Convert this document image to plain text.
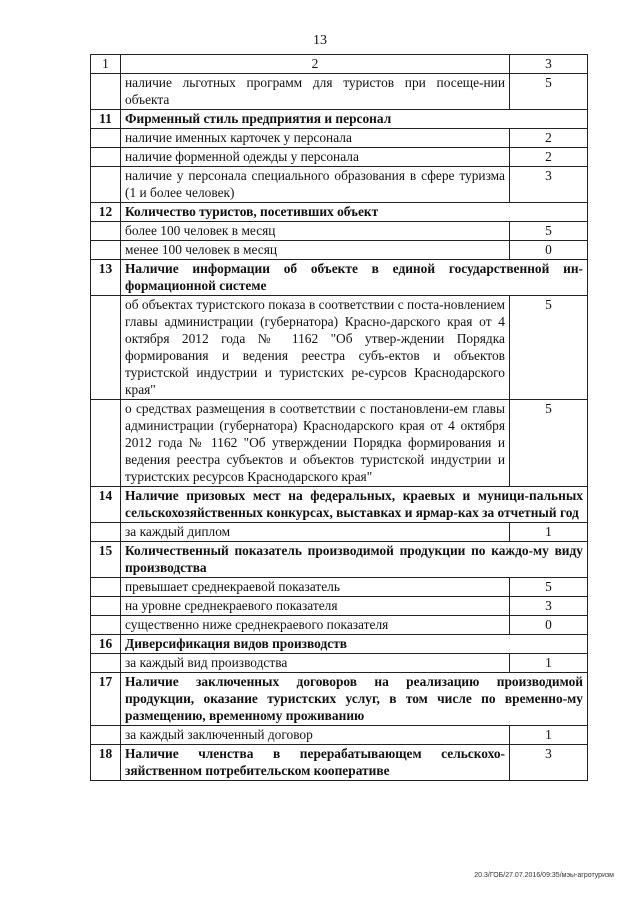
13
1	2	3
	наличие льготных программ для туристов при посеще-нии объекта	5
11	Фирменный стиль предприятия и персонал	
	наличие именных карточек у персонала	2
	наличие форменной одежды у персонала	2
	наличие у персонала специального образования в сфере туризма (1 и более человек)	3
12	Количество туристов, посетивших объект	
	более 100 человек в месяц	5
	менее 100 человек в месяц	0
13	Наличие информации об объекте в единой государственной ин-формационной системе	
	об объектах туристского показа в соответствии с поста-новлением главы администрации (губернатора) Красно-дарского края от 4 октября 2012 года № 1162 "Об утвер-ждении Порядка формирования и ведения реестра субъ-ектов и объектов туристской индустрии и туристских ре-сурсов Краснодарского края"	5
	о средствах размещения в соответствии с постановлени-ем главы администрации (губернатора) Краснодарского края от 4 октября 2012 года № 1162 "Об утверждении Порядка формирования и ведения реестра субъектов и объектов туристской индустрии и туристских ресурсов Краснодарского края"	5
14	Наличие призовых мест на федеральных, краевых и муници-пальных сельскохозяйственных конкурсах, выставках и ярмар-ках за отчетный год	
	за каждый диплом	1
15	Количественный показатель производимой продукции по каждо-му виду производства	
	превышает среднекраевой показатель	5
	на уровне среднекраевого показателя	3
	существенно ниже среднекраевого показателя	0
16	Диверсификация видов производств	
	за каждый вид производства	1
17	Наличие заключенных договоров на реализацию производимой продукции, оказание туристских услуг, в том числе по временно-му размещению, временному проживанию	
	за каждый заключенный договор	1
18	Наличие членства в перерабатывающем сельскохо-зяйственном потребительском кооперативе	3
20.3/ГОБ/27.07.2016/09:35/мэы-агротуризм
